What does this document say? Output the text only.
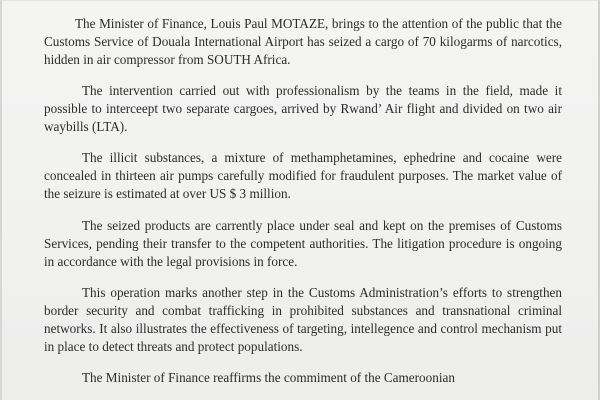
The Minister of Finance, Louis Paul MOTAZE, brings to the attention of the public that the Customs Service of Douala International Airport has seized a cargo of 70 kilogarms of narcotics, hidden in air compressor from SOUTH Africa.

The intervention carried out with professionalism by the teams in the field, made it possible to interceept two separate cargoes, arrived by Rwand’ Air flight and divided on two air waybills (LTA).

The illicit substances, a mixture of methamphetamines, ephedrine and cocaine were concealed in thirteen air pumps carefully modified for fraudulent purposes. The market value of the seizure is estimated at over US $ 3 million.

The seized products are carrently place under seal and kept on the premises of Customs Services, pending their transfer to the competent authorities. The litigation procedure is ongoing in accordance with the legal provisions in force.

This operation marks another step in the Customs Administration’s efforts to strengthen border security and combat trafficking in prohibited substances and transnational criminal networks. It also illustrates the effectiveness of targeting, intellegence and control mechanism put in place to detect threats and protect populations.

The Minister of Finance reaffirms the commiment of the Cameroonian
